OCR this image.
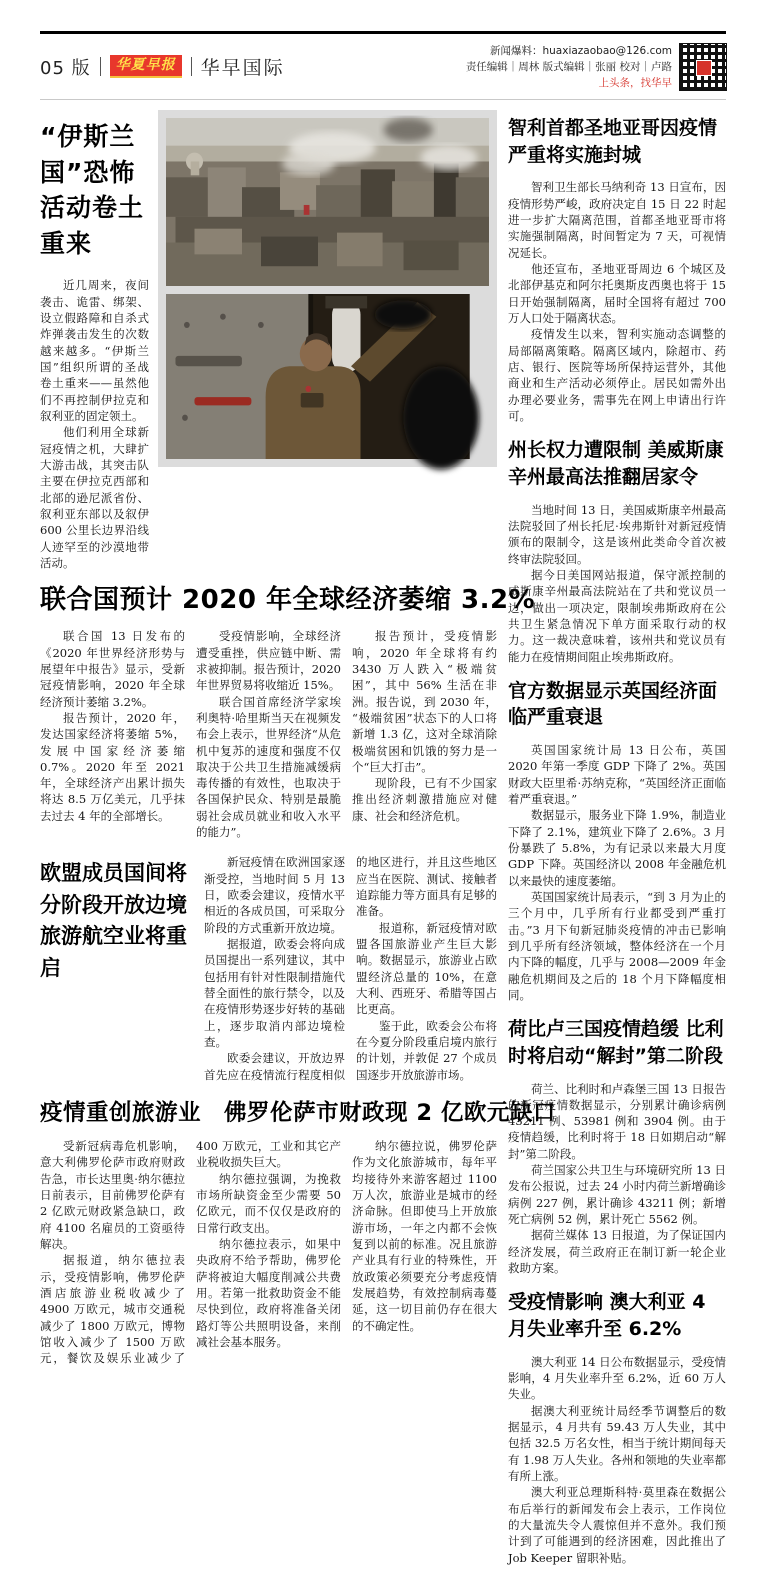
05 版	华夏早报	华早国际
新闻爆料：huaxiazaobao@126.com
责任编辑｜周林 版式编辑｜张丽 校对｜卢路
上头条，找华早
“伊斯兰国”恐怖活动卷土重来

近几周来，夜间袭击、诡雷、绑架、设立假路障和自杀式炸弹袭击发生的次数越来越多。“伊斯兰国”组织所谓的圣战卷土重来——虽然他们不再控制伊拉克和叙利亚的固定领土。

他们利用全球新冠疫情之机，大肆扩大游击战，其突击队主要在伊拉克西部和北部的逊尼派省份、叙利亚东部以及叙伊 600 公里长边界沿线人迹罕至的沙漠地带活动。

联合国预计 2020 年全球经济萎缩 3.2%

联合国 13 日发布的《2020 年世界经济形势与展望年中报告》显示，受新冠疫情影响，2020 年全球经济预计萎缩 3.2%。

报告预计，2020 年，发达国家经济将萎缩 5%，发展中国家经济萎缩 0.7%。2020 年至 2021 年，全球经济产出累计损失将达 8.5 万亿美元，几乎抹去过去 4 年的全部增长。

受疫情影响，全球经济遭受重挫，供应链中断、需求被抑制。报告预计，2020 年世界贸易将收缩近 15%。

联合国首席经济学家埃利奥特·哈里斯当天在视频发布会上表示，世界经济“从危机中复苏的速度和强度不仅取决于公共卫生措施减缓病毒传播的有效性，也取决于各国保护民众、特别是最脆弱社会成员就业和收入水平的能力”。

报告预计，受疫情影响，2020 年全球将有约 3430 万人跌入“极端贫困”，其中 56% 生活在非洲。报告说，到 2030 年，“极端贫困”状态下的人口将新增 1.3 亿，这对全球消除极端贫困和饥饿的努力是一个“巨大打击”。

现阶段，已有不少国家推出经济刺激措施应对健康、社会和经济危机。

欧盟成员国间将分阶段开放边境 旅游航空业将重启

新冠疫情在欧洲国家逐渐受控，当地时间 5 月 13 日，欧委会建议，疫情水平相近的各成员国，可采取分阶段的方式重新开放边境。

据报道，欧委会将向成员国提出一系列建议，其中包括用有针对性限制措施代替全面性的旅行禁令，以及在疫情形势逐步好转的基础上，逐步取消内部边境检查。

欧委会建议，开放边界首先应在疫情流行程度相似的地区进行，并且这些地区应当在医院、测试、接触者追踪能力等方面具有足够的准备。

报道称，新冠疫情对欧盟各国旅游业产生巨大影响。数据显示，旅游业占欧盟经济总量的 10%，在意大利、西班牙、希腊等国占比更高。

鉴于此，欧委会公布将在今夏分阶段重启境内旅行的计划，并敦促 27 个成员国逐步开放旅游市场。

疫情重创旅游业　佛罗伦萨市财政现 2 亿欧元缺口

受新冠病毒危机影响，意大利佛罗伦萨市政府财政告急，市长达里奥·纳尔德拉日前表示，目前佛罗伦萨有 2 亿欧元财政紧急缺口，政府 4100 名雇员的工资亟待解决。

据报道，纳尔德拉表示，受疫情影响，佛罗伦萨酒店旅游业税收减少了 4900 万欧元，城市交通税减少了 1800 万欧元，博物馆收入减少了 1500 万欧元，餐饮及娱乐业减少了 400 万欧元，工业和其它产业税收损失巨大。

纳尔德拉强调，为挽救市场所缺资金至少需要 50 亿欧元，而不仅仅是政府的日常行政支出。

纳尔德拉表示，如果中央政府不给予帮助，佛罗伦萨将被迫大幅度削减公共费用。若第一批救助资金不能尽快到位，政府将准备关闭路灯等公共照明设备，来削减社会基本服务。

纳尔德拉说，佛罗伦萨作为文化旅游城市，每年平均接待外来游客超过 1100 万人次，旅游业是城市的经济命脉。但即使马上开放旅游市场，一年之内都不会恢复到以前的标准。况且旅游产业具有行业的特殊性，开放政策必须要充分考虑疫情发展趋势，有效控制病毒蔓延，这一切目前仍存在很大的不确定性。

智利首都圣地亚哥因疫情严重将实施封城

智利卫生部长马纳利奇 13 日宣布，因疫情形势严峻，政府决定自 15 日 22 时起进一步扩大隔离范围，首都圣地亚哥市将实施强制隔离，时间暂定为 7 天，可视情况延长。

他还宣布，圣地亚哥周边 6 个城区及北部伊基克和阿尔托奥斯皮西奥也将于 15 日开始强制隔离，届时全国将有超过 700 万人口处于隔离状态。

疫情发生以来，智利实施动态调整的局部隔离策略。隔离区域内，除超市、药店、银行、医院等场所保持运营外，其他商业和生产活动必须停止。居民如需外出办理必要业务，需事先在网上申请出行许可。

州长权力遭限制 美威斯康辛州最高法推翻居家令

当地时间 13 日，美国威斯康辛州最高法院驳回了州长托尼·埃弗斯针对新冠疫情颁布的限制令，这是该州此类命令首次被终审法院驳回。

据今日美国网站报道，保守派控制的威斯康辛州最高法院站在了共和党议员一边，做出一项决定，限制埃弗斯政府在公共卫生紧急情况下单方面采取行动的权力。这一裁决意味着，该州共和党议员有能力在疫情期间阻止埃弗斯政府。

官方数据显示英国经济面临严重衰退

英国国家统计局 13 日公布，英国 2020 年第一季度 GDP 下降了 2%。英国财政大臣里希·苏纳克称，“英国经济正面临着严重衰退。”

数据显示，服务业下降 1.9%，制造业下降了 2.1%，建筑业下降了 2.6%。3 月份暴跌了 5.8%，为有记录以来最大月度 GDP 下降。英国经济以 2008 年金融危机以来最快的速度萎缩。

英国国家统计局表示，“到 3 月为止的三个月中，几乎所有行业都受到严重打击。”3 月下旬新冠肺炎疫情的冲击已影响到几乎所有经济领域，整体经济在一个月内下降的幅度，几乎与 2008—2009 年金融危机期间及之后的 18 个月下降幅度相同。

荷比卢三国疫情趋缓 比利时将启动“解封”第二阶段

荷兰、比利时和卢森堡三国 13 日报告的新冠疫情数据显示，分别累计确诊病例 43211 例、53981 例和 3904 例。由于疫情趋缓，比利时将于 18 日如期启动“解封”第二阶段。

荷兰国家公共卫生与环境研究所 13 日发布公报说，过去 24 小时内荷兰新增确诊病例 227 例，累计确诊 43211 例；新增死亡病例 52 例，累计死亡 5562 例。

据荷兰媒体 13 日报道，为了保证国内经济发展，荷兰政府正在制订新一轮企业救助方案。

受疫情影响 澳大利亚 4 月失业率升至 6.2%

澳大利亚 14 日公布数据显示，受疫情影响，4 月失业率升至 6.2%，近 60 万人失业。

据澳大利亚统计局经季节调整后的数据显示，4 月共有 59.43 万人失业，其中包括 32.5 万名女性，相当于统计期间每天有 1.98 万人失业。各州和领地的失业率都有所上涨。

澳大利亚总理斯科特·莫里森在数据公布后举行的新闻发布会上表示，工作岗位的大量流失令人震惊但并不意外。我们预计到了可能遇到的经济困难，因此推出了 Job Keeper 留职补贴。
